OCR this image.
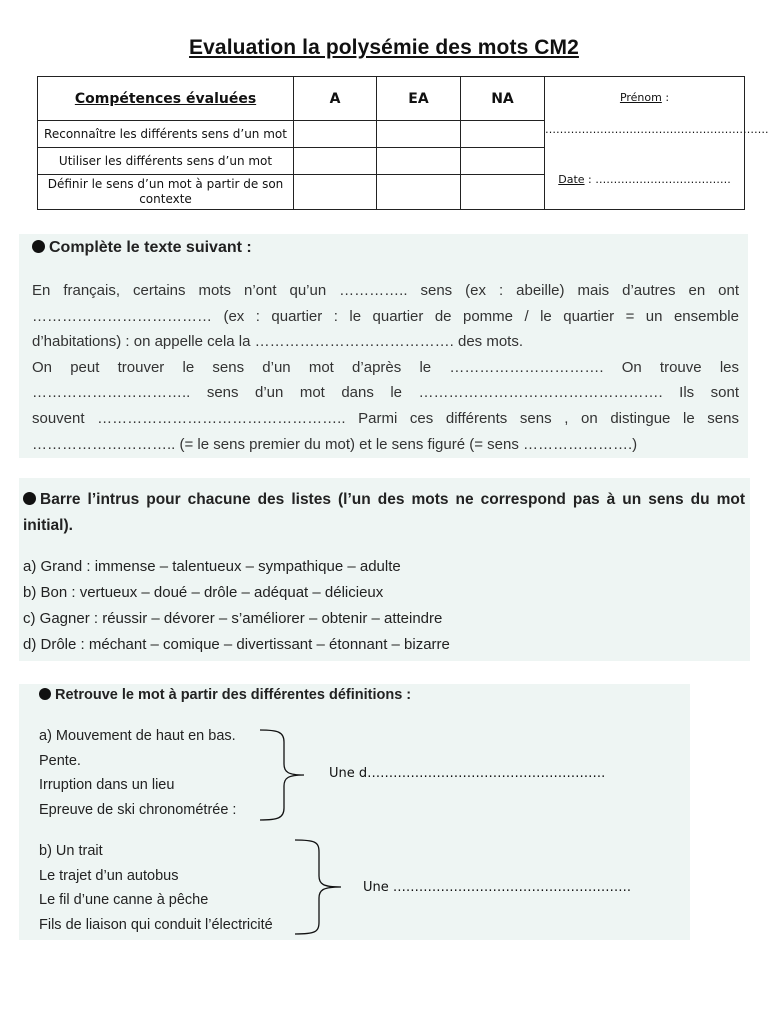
Evaluation la polysémie des mots CM2
Compétences évaluées	A	EA	NA	Prénom :
…………………………………………………….
Date : ……………………………….

Reconnaître les différents sens d’un mot				
Utiliser les différents sens d’un mot				
Définir le sens d’un mot à partir de son contexte				
Complète le texte suivant :

En français, certains mots n’ont qu’un ………….. sens (ex : abeille) mais d’autres en ont

……………………………… (ex : quartier : le quartier de pomme / le quartier = un ensemble

d’habitations) : on appelle cela la …………………………………. des mots.

On peut trouver le sens d’un mot d’après le …………………………. On trouve les

………………………….. sens d’un mot dans le …………………………………………. Ils sont

souvent ………………………………………….. Parmi ces différents sens , on distingue le sens

……………………….. (= le sens premier du mot) et le sens figuré (= sens ………………….)

Barre l’intrus pour chacune des listes (l’un des mots ne correspond pas à un sens du mot
initial).
a) Grand : immense – talentueux – sympathique – adulte
b) Bon : vertueux – doué – drôle – adéquat – délicieux
c) Gagner : réussir – dévorer – s’améliorer – obtenir – atteindre
d) Drôle : méchant – comique – divertissant – étonnant – bizarre
Retrouve le mot à partir des différentes définitions :
a) Mouvement de haut en bas.
Pente.
Irruption dans un lieu
Epreuve de ski chronométrée :
Une d……………………………………………….
b) Un trait
Le trajet d’un autobus
Le fil d’une canne à pêche
Fils de liaison qui conduit l’électricité
Une ……………………………………………….
